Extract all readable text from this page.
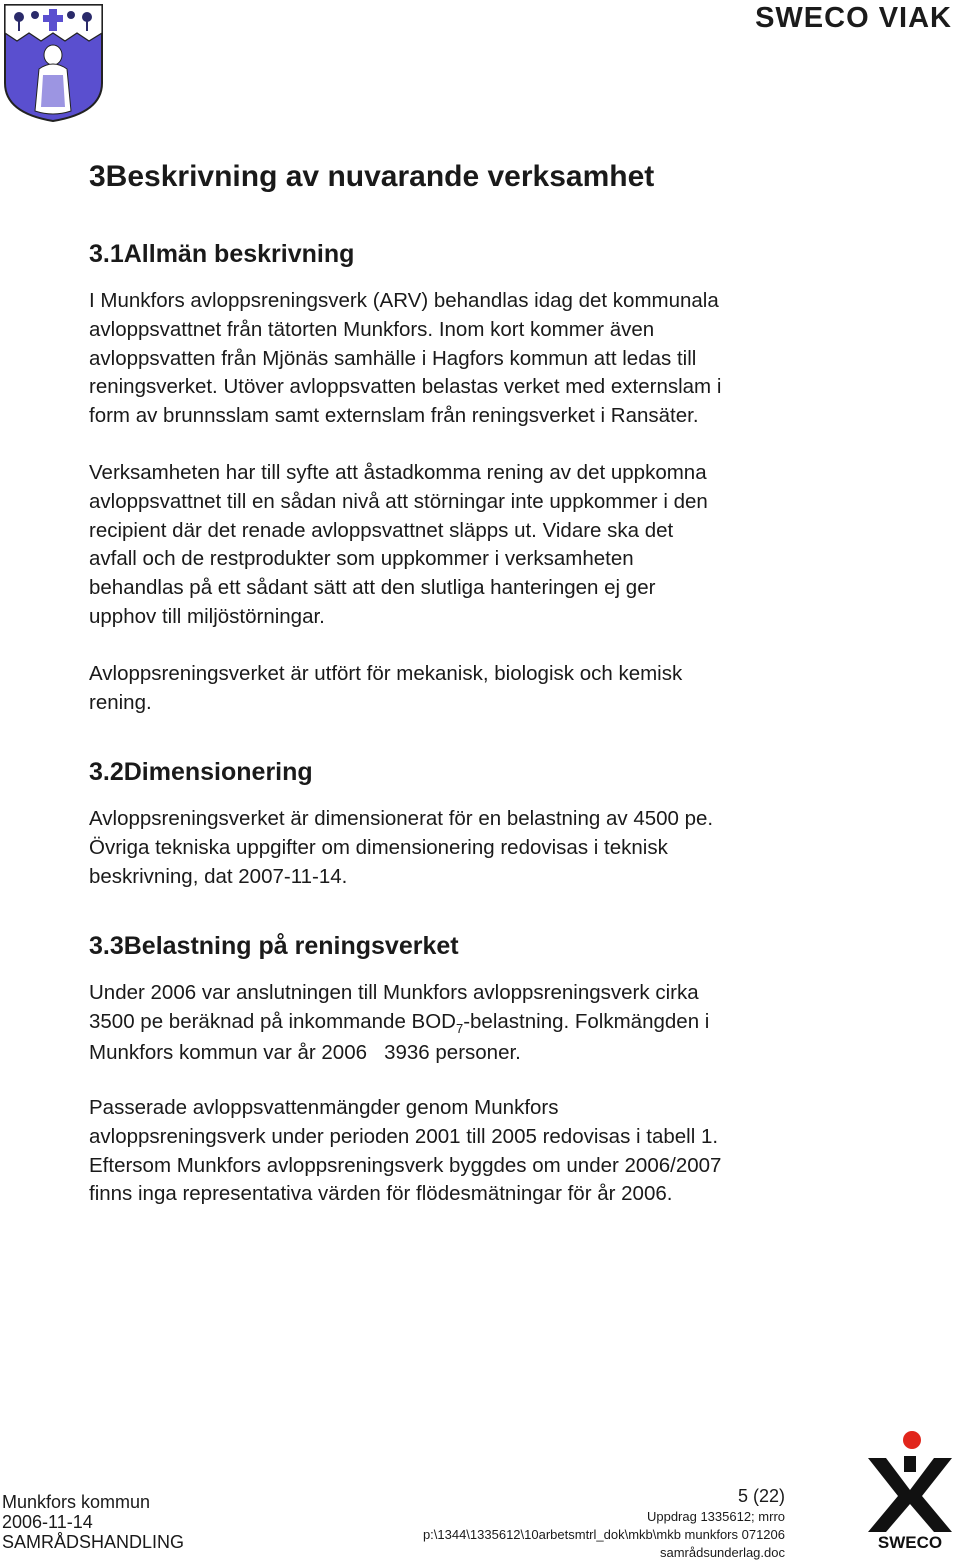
SWECO VIAK
3Beskrivning av nuvarande verksamhet
3.1Allmän beskrivning
I Munkfors avloppsreningsverk (ARV) behandlas idag det kommunala
avloppsvattnet från tätorten Munkfors. Inom kort kommer även
avloppsvatten från Mjönäs samhälle i Hagfors kommun att ledas till
reningsverket. Utöver avloppsvatten belastas verket med externslam i
form av brunnsslam samt externslam från reningsverket i Ransäter.
Verksamheten har till syfte att åstadkomma rening av det uppkomna
avloppsvattnet till en sådan nivå att störningar inte uppkommer i den
recipient där det renade avloppsvattnet släpps ut. Vidare ska det
avfall och de restprodukter som uppkommer i verksamheten
behandlas på ett sådant sätt att den slutliga hanteringen ej ger
upphov till miljöstörningar.
Avloppsreningsverket är utfört för mekanisk, biologisk och kemisk
rening.
3.2Dimensionering
Avloppsreningsverket är dimensionerat för en belastning av 4500 pe.
Övriga tekniska uppgifter om dimensionering redovisas i teknisk
beskrivning, dat 2007-11-14.
3.3Belastning på reningsverket
Under 2006 var anslutningen till Munkfors avloppsreningsverk cirka
3500 pe beräknad på inkommande $BOD_7$-belastning. Folkmängden i
Munkfors kommun var år 2006   3936 personer.
Passerade avloppsvattenmängder genom Munkfors
avloppsreningsverk under perioden 2001 till 2005 redovisas i tabell 1.
Eftersom Munkfors avloppsreningsverk byggdes om under 2006/2007
finns inga representativa värden för flödesmätningar för år 2006.
Munkfors kommun
2006-11-14
SAMRÅDSHANDLING
5 (22)
Uppdrag 1335612; mrro
p:\1344\1335612\10arbetsmtrl_dok\mkb\mkb munkfors 071206
samrådsunderlag.doc
SWECO
